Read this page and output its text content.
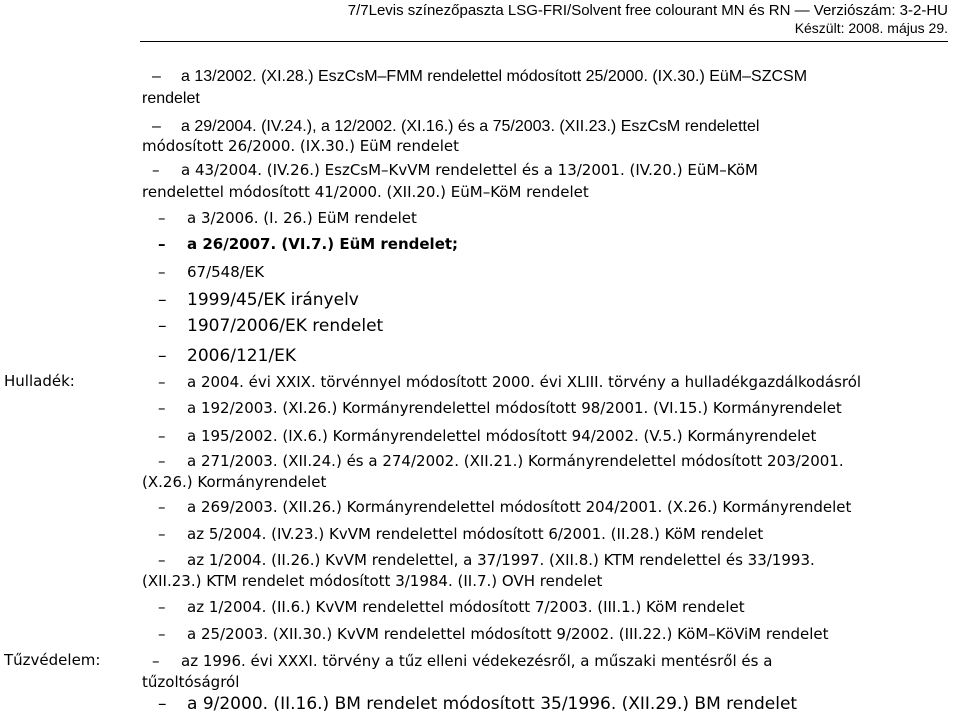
7/7Levis színezőpaszta LSG-FRI/Solvent free colourant MN és RN — Verziószám: 3-2-HU
Készült: 2008. május 29.
Hulladék:
Tűzvédelem:
– a 13/2002. (XI.28.) EszCsM–FMM rendelettel módosított 25/2000. (IX.30.) EüM–SZCSM
rendelet
– a 29/2004. (IV.24.), a 12/2002. (XI.16.) és a 75/2003. (XII.23.) EszCsM rendelettel
módosított 26/2000. (IX.30.) EüM rendelet
– a 43/2004. (IV.26.) EszCsM–KvVM rendelettel és a 13/2001. (IV.20.) EüM–KöM
rendelettel módosított 41/2000. (XII.20.) EüM–KöM rendelet
– a 3/2006. (I. 26.) EüM rendelet
– a 26/2007. (VI.7.) EüM rendelet;
– 67/548/EK
– 1999/45/EK irányelv
– 1907/2006/EK rendelet
– 2006/121/EK
– a 2004. évi XXIX. törvénnyel módosított 2000. évi XLIII. törvény a hulladékgazdálkodásról
– a 192/2003. (XI.26.) Kormányrendelettel módosított 98/2001. (VI.15.) Kormányrendelet
– a 195/2002. (IX.6.) Kormányrendelettel módosított 94/2002. (V.5.) Kormányrendelet
– a 271/2003. (XII.24.) és a 274/2002. (XII.21.) Kormányrendelettel módosított 203/2001.
(X.26.) Kormányrendelet
– a 269/2003. (XII.26.) Kormányrendelettel módosított 204/2001. (X.26.) Kormányrendelet
– az 5/2004. (IV.23.) KvVM rendelettel módosított 6/2001. (II.28.) KöM rendelet
– az 1/2004. (II.26.) KvVM rendelettel, a 37/1997. (XII.8.) KTM rendelettel és 33/1993.
(XII.23.) KTM rendelet módosított 3/1984. (II.7.) OVH rendelet
– az 1/2004. (II.6.) KvVM rendelettel módosított 7/2003. (III.1.) KöM rendelet
– a 25/2003. (XII.30.) KvVM rendelettel módosított 9/2002. (III.22.) KöM–KöViM rendelet
– az 1996. évi XXXI. törvény a tűz elleni védekezésről, a műszaki mentésről és a
tűzoltóságról
– a 9/2000. (II.16.) BM rendelet módosított 35/1996. (XII.29.) BM rendelet
